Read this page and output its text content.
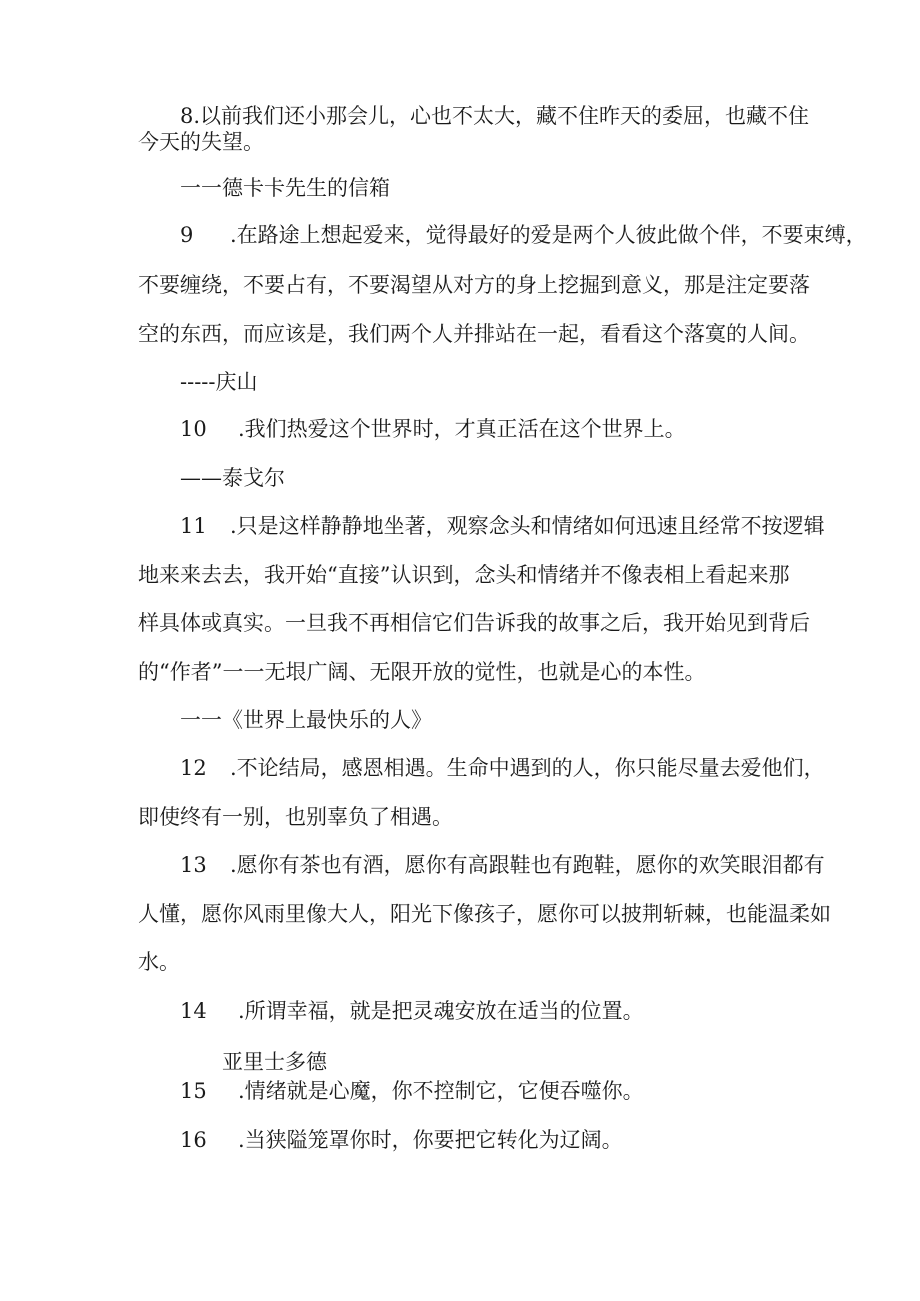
8.以前我们还小那会儿，心也不太大，藏不住昨天的委屈，也藏不住

今天的失望。

一一德卡卡先生的信箱

9 .在路途上想起爱来，觉得最好的爱是两个人彼此做个伴，不要束缚，

不要缠绕，不要占有，不要渴望从对方的身上挖掘到意义，那是注定要落

空的东西，而应该是，我们两个人并排站在一起，看看这个落寞的人间。

-----庆山

10 .我们热爱这个世界时，才真正活在这个世界上。

——泰戈尔

11 .只是这样静静地坐著，观察念头和情绪如何迅速且经常不按逻辑

地来来去去，我开始“直接”认识到，念头和情绪并不像表相上看起来那

样具体或真实。一旦我不再相信它们告诉我的故事之后，我开始见到背后

的“作者”一一无垠广阔、无限开放的觉性，也就是心的本性。

一一《世界上最快乐的人》

12 .不论结局，感恩相遇。生命中遇到的人，你只能尽量去爱他们，

即使终有一别，也别辜负了相遇。

13 .愿你有茶也有酒，愿你有高跟鞋也有跑鞋，愿你的欢笑眼泪都有

人懂，愿你风雨里像大人，阳光下像孩子，愿你可以披荆斩棘，也能温柔如

水。

14 .所谓幸福，就是把灵魂安放在适当的位置。

亚里士多德

15 .情绪就是心魔，你不控制它，它便吞噬你。

16 .当狭隘笼罩你时，你要把它转化为辽阔。
